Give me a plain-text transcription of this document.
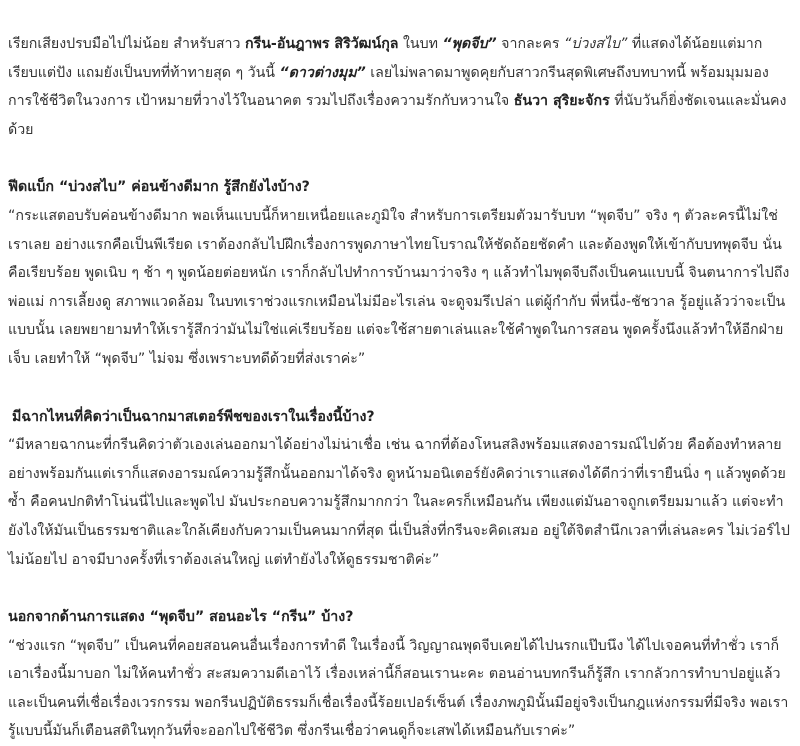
เรียกเสียงปรบมือไปไม่น้อย สำหรับสาว กรีน-อันฎาพร สิริวัฒน์กุล ในบท “พุดจีบ” จากละคร “บ่วงสไบ” ที่แสดงได้น้อยแต่มาก เรียบแต่ปัง แถมยังเป็นบทที่ท้าทายสุด ๆ วันนี้ “ดาวต่างมุม” เลยไม่พลาดมาพูดคุยกับสาวกรีนสุดพิเศษถึงบทบาทนี้ พร้อมมุมมองการใช้ชีวิตในวงการ เป้าหมายที่วางไว้ในอนาคต รวมไปถึงเรื่องความรักกับหวานใจ ธันวา สุริยะจักร ที่นับวันก็ยิ่งชัดเจนและมั่นคงด้วย

ฟีดแบ็ก “บ่วงสไบ” ค่อนข้างดีมาก รู้สึกยังไงบ้าง?

“กระแสตอบรับค่อนข้างดีมาก พอเห็นแบบนี้ก็หายเหนื่อยและภูมิใจ สำหรับการเตรียมตัวมารับบท “พุดจีบ” จริง ๆ ตัวละครนี้ไม่ใช่เราเลย อย่างแรกคือเป็นพีเรียด เราต้องกลับไปฝึกเรื่องการพูดภาษาไทยโบราณให้ชัดถ้อยชัดคำ และต้องพูดให้เข้ากับบทพุดจีบ นั่นคือเรียบร้อย พูดเนิบ ๆ ช้า ๆ พูดน้อยต่อยหนัก เราก็กลับไปทำการบ้านมาว่าจริง ๆ แล้วทำไมพุดจีบถึงเป็นคนแบบนี้ จินตนาการไปถึงพ่อแม่ การเลี้ยงดู สภาพแวดล้อม ในบทเราช่วงแรกเหมือนไม่มีอะไรเล่น จะดูจมรึเปล่า แต่ผู้กำกับ พี่หนึ่ง-ชัชวาล รู้อยู่แล้วว่าจะเป็นแบบนั้น เลยพยายามทำให้เรารู้สึกว่ามันไม่ใช่แค่เรียบร้อย แต่จะใช้สายตาเล่นและใช้คำพูดในการสอน พูดครั้งนึงแล้วทำให้อีกฝ่ายเจ็บ เลยทำให้ “พุดจีบ” ไม่จม ซึ่งเพราะบทดีด้วยที่ส่งเราค่ะ”

มีฉากไหนที่คิดว่าเป็นฉากมาสเตอร์พีชของเราในเรื่องนี้บ้าง?

“มีหลายฉากนะที่กรีนคิดว่าตัวเองเล่นออกมาได้อย่างไม่น่าเชื่อ เช่น ฉากที่ต้องโหนสลิงพร้อมแสดงอารมณ์ไปด้วย คือต้องทำหลายอย่างพร้อมกันแต่เราก็แสดงอารมณ์ความรู้สึกนั้นออกมาได้จริง ดูหน้ามอนิเตอร์ยังคิดว่าเราแสดงได้ดีกว่าที่เรายืนนิ่ง ๆ แล้วพูดด้วยซ้ำ คือคนปกติทำโน่นนี่ไปและพูดไป มันประกอบความรู้สึกมากกว่า ในละครก็เหมือนกัน เพียงแต่มันอาจถูกเตรียมมาแล้ว แต่จะทำยังไงให้มันเป็นธรรมชาติและใกล้เคียงกับความเป็นคนมากที่สุด นี่เป็นสิ่งที่กรีนจะคิดเสมอ อยู่ใต้จิตสำนึกเวลาที่เล่นละคร ไม่เว่อร์ไป ไม่น้อยไป อาจมีบางครั้งที่เราต้องเล่นใหญ่ แต่ทำยังไงให้ดูธรรมชาติค่ะ”

นอกจากด้านการแสดง “พุดจีบ” สอนอะไร “กรีน” บ้าง?

“ช่วงแรก “พุดจีบ” เป็นคนที่คอยสอนคนอื่นเรื่องการทำดี ในเรื่องนี้ วิญญาณพุดจีบเคยได้ไปนรกแป๊บนึง ได้ไปเจอคนที่ทำชั่ว เราก็เอาเรื่องนี้มาบอก ไม่ให้คนทำชั่ว สะสมความดีเอาไว้ เรื่องเหล่านี้ก็สอนเรานะคะ ตอนอ่านบทกรีนก็รู้สึก เรากลัวการทำบาปอยู่แล้วและเป็นคนที่เชื่อเรื่องเวรกรรม พอกรีนปฏิบัติธรรมก็เชื่อเรื่องนี้ร้อยเปอร์เซ็นต์ เรื่องภพภูมินั้นมีอยู่จริงเป็นกฎแห่งกรรมที่มีจริง พอเรารู้แบบนี้มันก็เตือนสติในทุกวันที่จะออกไปใช้ชีวิต ซึ่งกรีนเชื่อว่าคนดูก็จะเสพได้เหมือนกับเราค่ะ”
